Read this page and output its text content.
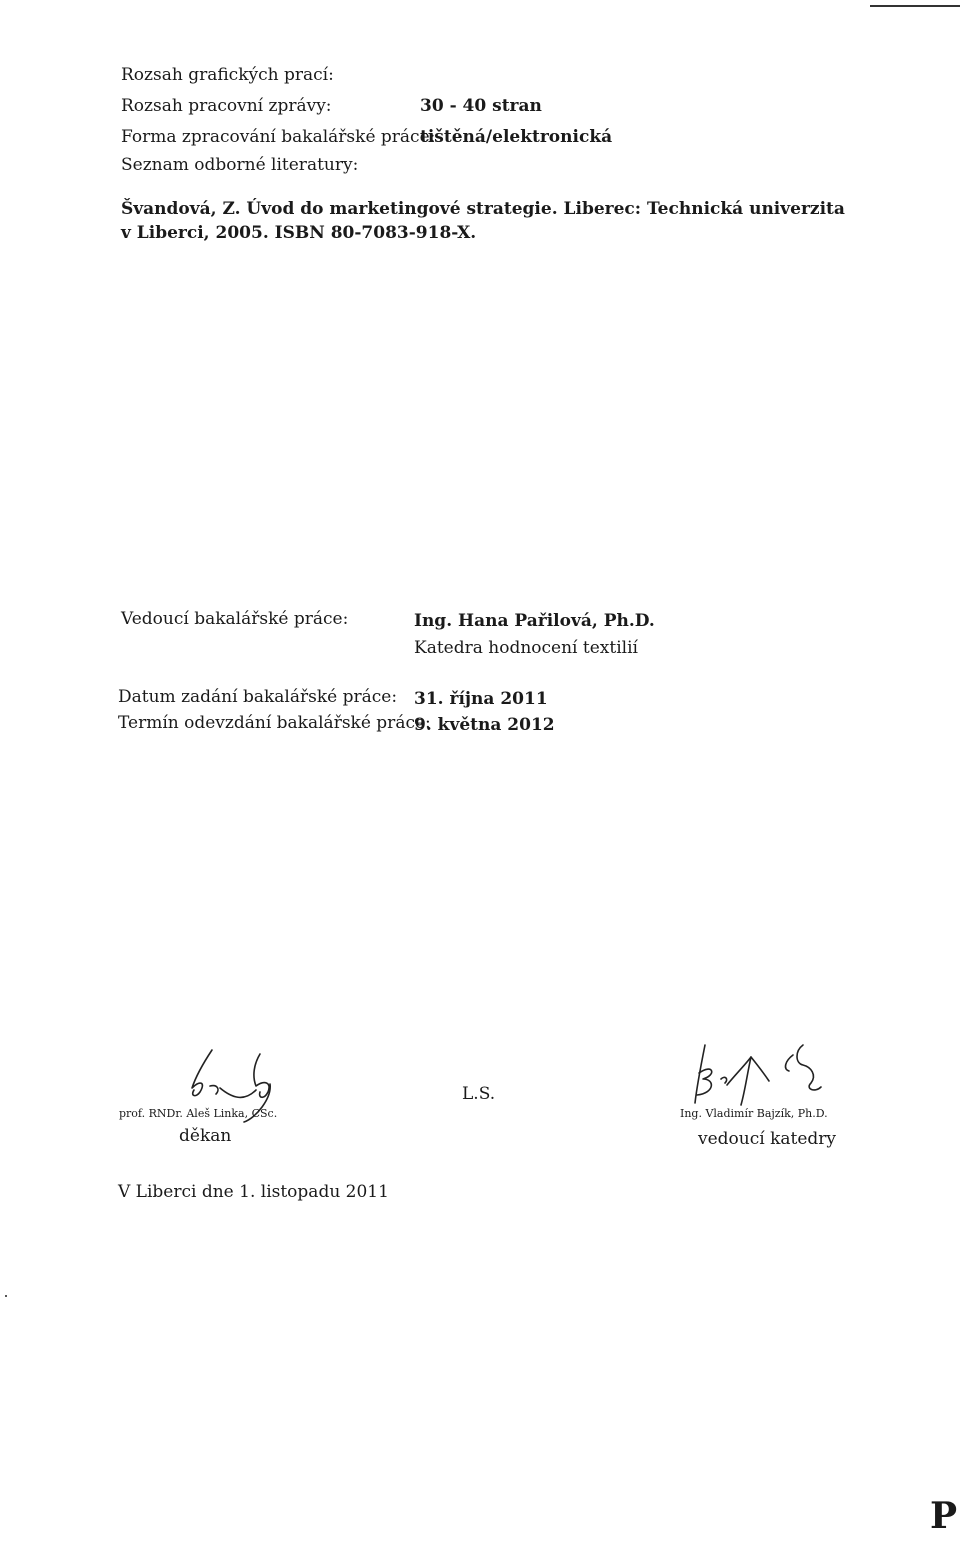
Rozsah grafických prací:
Rozsah pracovní zprávy:	30 - 40 stran
Forma zpracování bakalářské práce:
tištěná/elektronická
Seznam odborné literatury:
Švandová, Z. Úvod do marketingové strategie. Liberec: Technická univerzita
v Liberci, 2005. ISBN 80-7083-918-X.
Vedoucí bakalářské práce:	Ing. Hana Pařilová, Ph.D.
Katedra hodnocení textilií
Datum zadání bakalářské práce: 31. října 2011
Termín odevzdání bakalářské práce:
9. května 2012
prof. RNDr. Aleš Linka, CSc.
děkan
L.S.
Ing. Vladimír Bajzík, Ph.D.
vedoucí katedry
V Liberci dne 1. listopadu 2011
P
